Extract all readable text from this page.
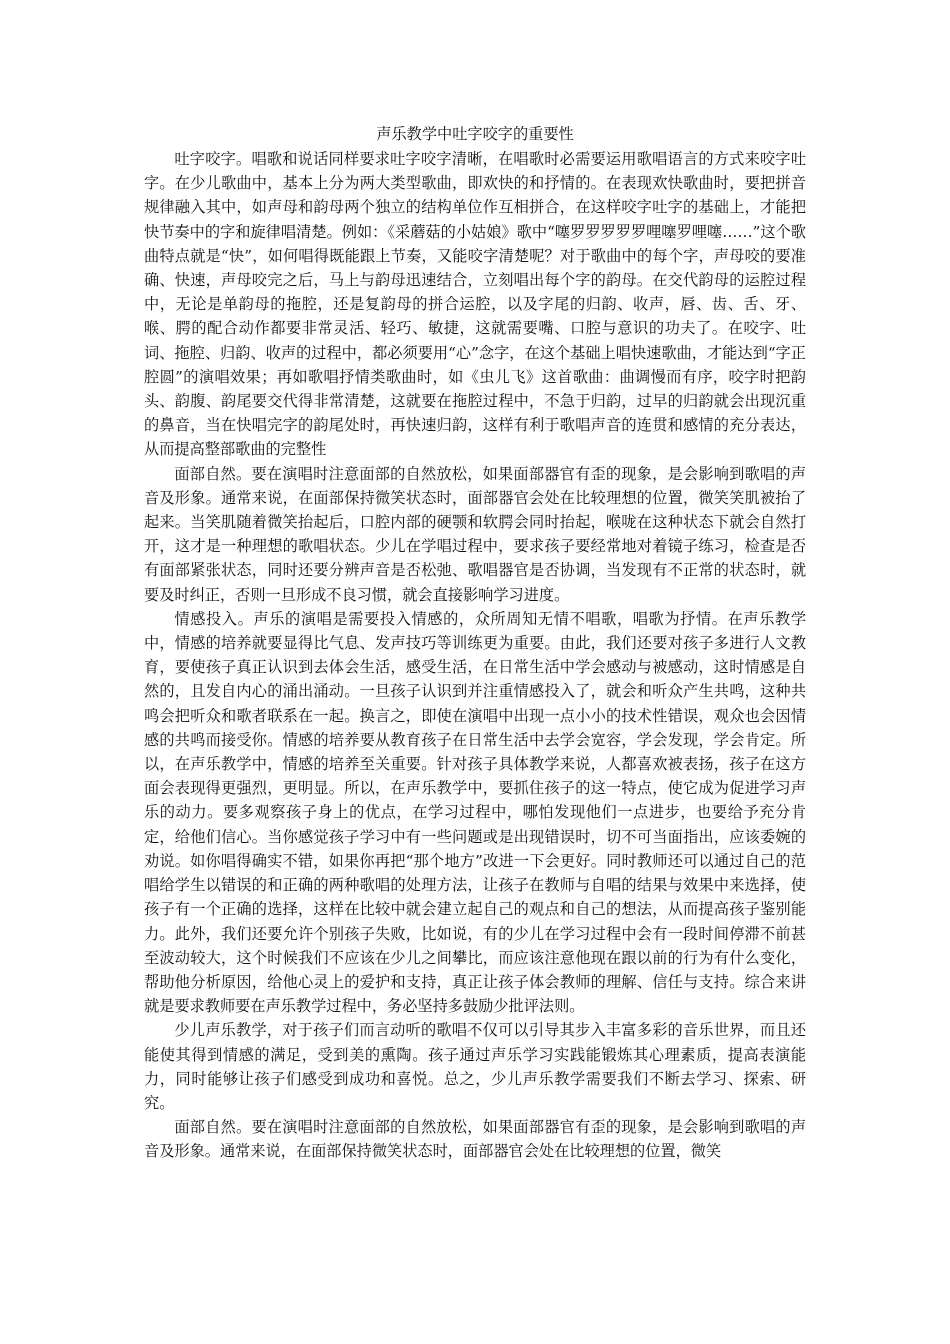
声乐教学中吐字咬字的重要性

吐字咬字。唱歌和说话同样要求吐字咬字清晰，在唱歌时必需要运用歌唱语言的方式来咬字吐字。在少儿歌曲中，基本上分为两大类型歌曲，即欢快的和抒情的。在表现欢快歌曲时，要把拼音规律融入其中，如声母和韵母两个独立的结构单位作互相拼合，在这样咬字吐字的基础上，才能把快节奏中的字和旋律唱清楚。例如：《采蘑菇的小姑娘》歌中“噻罗罗罗罗罗哩噻罗哩噻……”这个歌曲特点就是“快”，如何唱得既能跟上节奏，又能咬字清楚呢？对于歌曲中的每个字，声母咬的要准确、快速，声母咬完之后，马上与韵母迅速结合，立刻唱出每个字的韵母。在交代韵母的运腔过程中，无论是单韵母的拖腔，还是复韵母的拼合运腔，以及字尾的归韵、收声，唇、齿、舌、牙、喉、腭的配合动作都要非常灵活、轻巧、敏捷，这就需要嘴、口腔与意识的功夫了。在咬字、吐词、拖腔、归韵、收声的过程中，都必须要用“心”念字，在这个基础上唱快速歌曲，才能达到“字正腔圆”的演唱效果；再如歌唱抒情类歌曲时，如《虫儿飞》这首歌曲：曲调慢而有序，咬字时把韵头、韵腹、韵尾要交代得非常清楚，这就要在拖腔过程中，不急于归韵，过早的归韵就会出现沉重的鼻音，当在快唱完字的韵尾处时，再快速归韵，这样有利于歌唱声音的连贯和感情的充分表达，从而提高整部歌曲的完整性

面部自然。要在演唱时注意面部的自然放松，如果面部器官有歪的现象，是会影响到歌唱的声音及形象。通常来说，在面部保持微笑状态时，面部器官会处在比较理想的位置，微笑笑肌被抬了起来。当笑肌随着微笑抬起后，口腔内部的硬颚和软腭会同时抬起，喉咙在这种状态下就会自然打开，这才是一种理想的歌唱状态。少儿在学唱过程中，要求孩子要经常地对着镜子练习，检查是否有面部紧张状态，同时还要分辨声音是否松弛、歌唱器官是否协调，当发现有不正常的状态时，就要及时纠正，否则一旦形成不良习惯，就会直接影响学习进度。

情感投入。声乐的演唱是需要投入情感的，众所周知无情不唱歌，唱歌为抒情。在声乐教学中，情感的培养就要显得比气息、发声技巧等训练更为重要。由此，我们还要对孩子多进行人文教育，要使孩子真正认识到去体会生活，感受生活，在日常生活中学会感动与被感动，这时情感是自然的，且发自内心的涌出涌动。一旦孩子认识到并注重情感投入了，就会和听众产生共鸣，这种共鸣会把听众和歌者联系在一起。换言之，即使在演唱中出现一点小小的技术性错误，观众也会因情感的共鸣而接受你。情感的培养要从教育孩子在日常生活中去学会宽容，学会发现，学会肯定。所以，在声乐教学中，情感的培养至关重要。针对孩子具体教学来说，人都喜欢被表扬，孩子在这方面会表现得更强烈，更明显。所以，在声乐教学中，要抓住孩子的这一特点，使它成为促进学习声乐的动力。要多观察孩子身上的优点，在学习过程中，哪怕发现他们一点进步，也要给予充分肯定，给他们信心。当你感觉孩子学习中有一些问题或是出现错误时，切不可当面指出，应该委婉的劝说。如你唱得确实不错，如果你再把“那个地方”改进一下会更好。同时教师还可以通过自己的范唱给学生以错误的和正确的两种歌唱的处理方法，让孩子在教师与自唱的结果与效果中来选择，使孩子有一个正确的选择，这样在比较中就会建立起自己的观点和自己的想法，从而提高孩子鉴别能力。此外，我们还要允许个别孩子失败，比如说，有的少儿在学习过程中会有一段时间停滞不前甚至波动较大，这个时候我们不应该在少儿之间攀比，而应该注意他现在跟以前的行为有什么变化，帮助他分析原因，给他心灵上的爱护和支持，真正让孩子体会教师的理解、信任与支持。综合来讲就是要求教师要在声乐教学过程中，务必坚持多鼓励少批评法则。

少儿声乐教学，对于孩子们而言动听的歌唱不仅可以引导其步入丰富多彩的音乐世界，而且还能使其得到情感的满足，受到美的熏陶。孩子通过声乐学习实践能锻炼其心理素质，提高表演能力，同时能够让孩子们感受到成功和喜悦。总之，少儿声乐教学需要我们不断去学习、探索、研究。

面部自然。要在演唱时注意面部的自然放松，如果面部器官有歪的现象，是会影响到歌唱的声音及形象。通常来说，在面部保持微笑状态时，面部器官会处在比较理想的位置，微笑
